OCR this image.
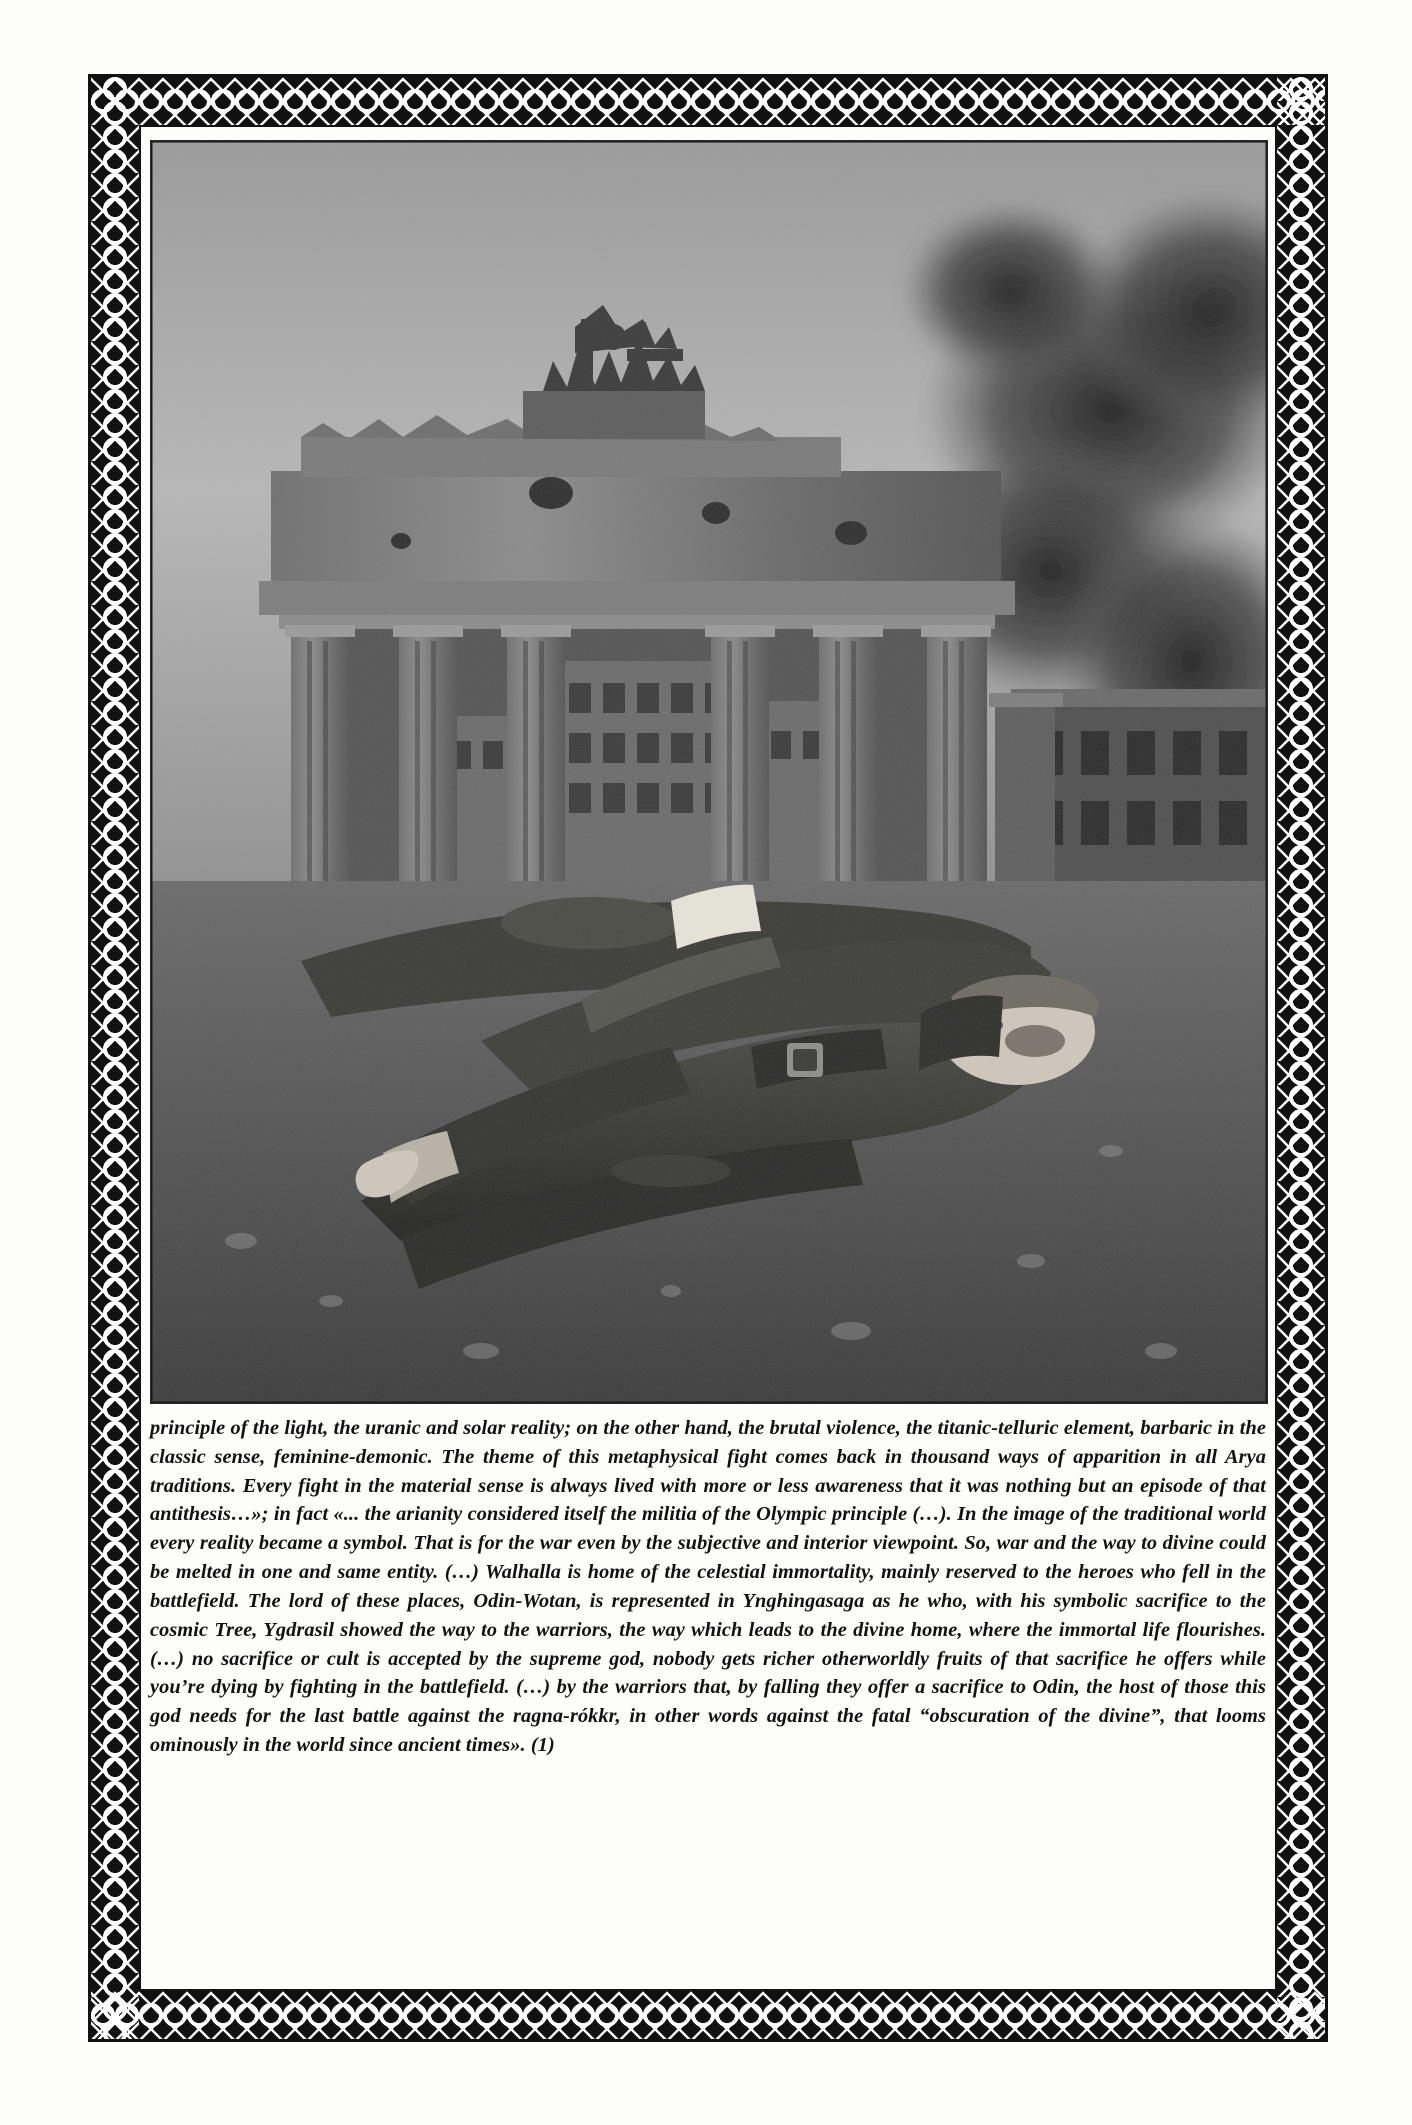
principle of the light, the uranic and solar reality; on the other hand, the brutal violence, the titanic-telluric element, barbaric in the classic sense, feminine-demonic. The theme of this metaphysical fight comes back in thousand ways of apparition in all Arya traditions. Every fight in the material sense is always lived with more or less awareness that it was nothing but an episode of that antithesis…»; in fact «... the arianity considered itself the militia of the Olympic principle (…). In the image of the traditional world every reality became a symbol. That is for the war even by the subjective and interior viewpoint. So, war and the way to divine could be melted in one and same entity. (…) Walhalla is home of the celestial immortality, mainly reserved to the heroes who fell in the battlefield. The lord of these places, Odin-Wotan, is represented in Ynghingasaga as he who, with his symbolic sacrifice to the cosmic Tree, Ygdrasil showed the way to the warriors, the way which leads to the divine home, where the immortal life flourishes. (…) no sacrifice or cult is accepted by the supreme god, nobody gets richer otherworldly fruits of that sacrifice he offers while you’re dying by fighting in the battlefield. (…) by the warriors that, by falling they offer a sacrifice to Odin, the host of those this god needs for the last battle against the ragna-rókkr, in other words against the fatal “obscuration of the divine”, that looms ominously in the world since ancient times». (1)
